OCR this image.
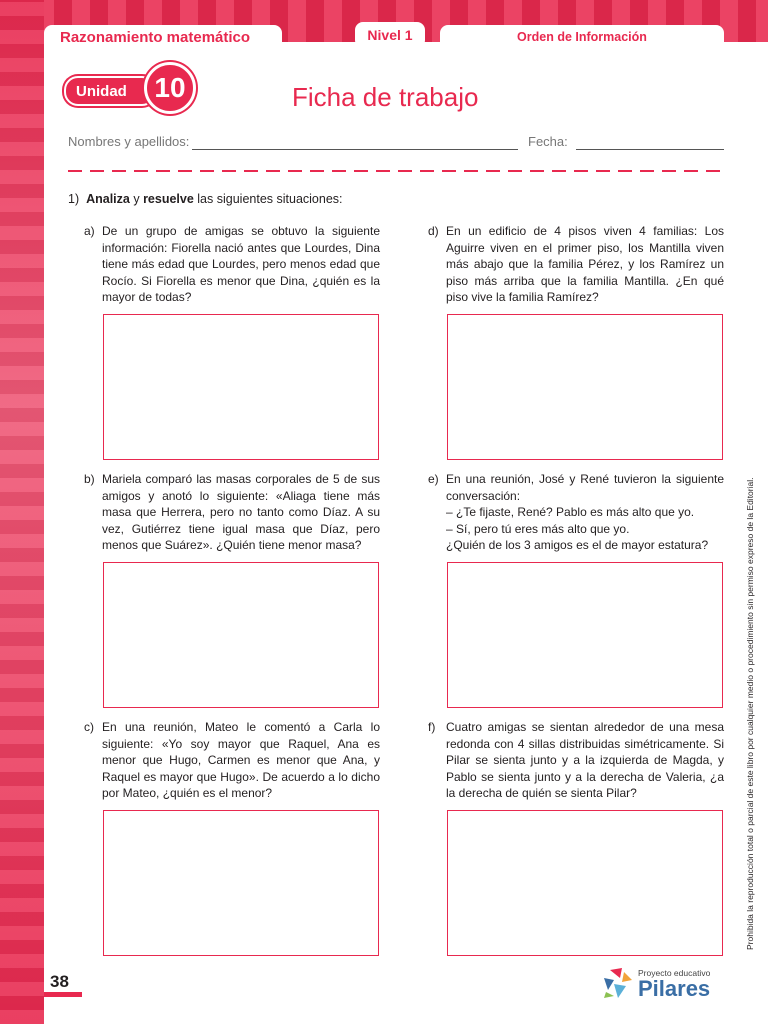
Razonamiento matemático	Nivel 1	Orden de Información
Unidad 10	Ficha de trabajo
Nombres y apellidos:	Fecha:
1) Analiza y resuelve las siguientes situaciones:
a) De un grupo de amigas se obtuvo la siguiente información: Fiorella nació antes que Lourdes, Dina tiene más edad que Lourdes, pero menos edad que Rocío. Si Fiorella es menor que Dina, ¿quién es la mayor de todas?
b) Mariela comparó las masas corporales de 5 de sus amigos y anotó lo siguiente: «Aliaga tiene más masa que Herrera, pero no tanto como Díaz. A su vez, Gutiérrez tiene igual masa que Díaz, pero menos que Suárez». ¿Quién tiene menor masa?
c) En una reunión, Mateo le comentó a Carla lo siguiente: «Yo soy mayor que Raquel, Ana es menor que Hugo, Carmen es menor que Ana, y Raquel es mayor que Hugo». De acuerdo a lo dicho por Mateo, ¿quién es el menor?
d) En un edificio de 4 pisos viven 4 familias: Los Aguirre viven en el primer piso, los Mantilla viven más abajo que la familia Pérez, y los Ramírez un piso más arriba que la familia Mantilla. ¿En qué piso vive la familia Ramírez?
e) En una reunión, José y René tuvieron la siguiente conversación:
– ¿Te fijaste, René? Pablo es más alto que yo.
– Sí, pero tú eres más alto que yo.
¿Quién de los 3 amigos es el de mayor estatura?
f) Cuatro amigas se sientan alrededor de una mesa redonda con 4 sillas distribuidas simétricamente. Si Pilar se sienta junto y a la izquierda de Magda, y Pablo se sienta junto y a la derecha de Valeria, ¿a la derecha de quién se sienta Pilar?	Prohibida la reproducción total o parcial de este libro por cualquier medio o procedimiento sin permiso expreso de la Editorial.
38	Proyecto educativo
Pilares
